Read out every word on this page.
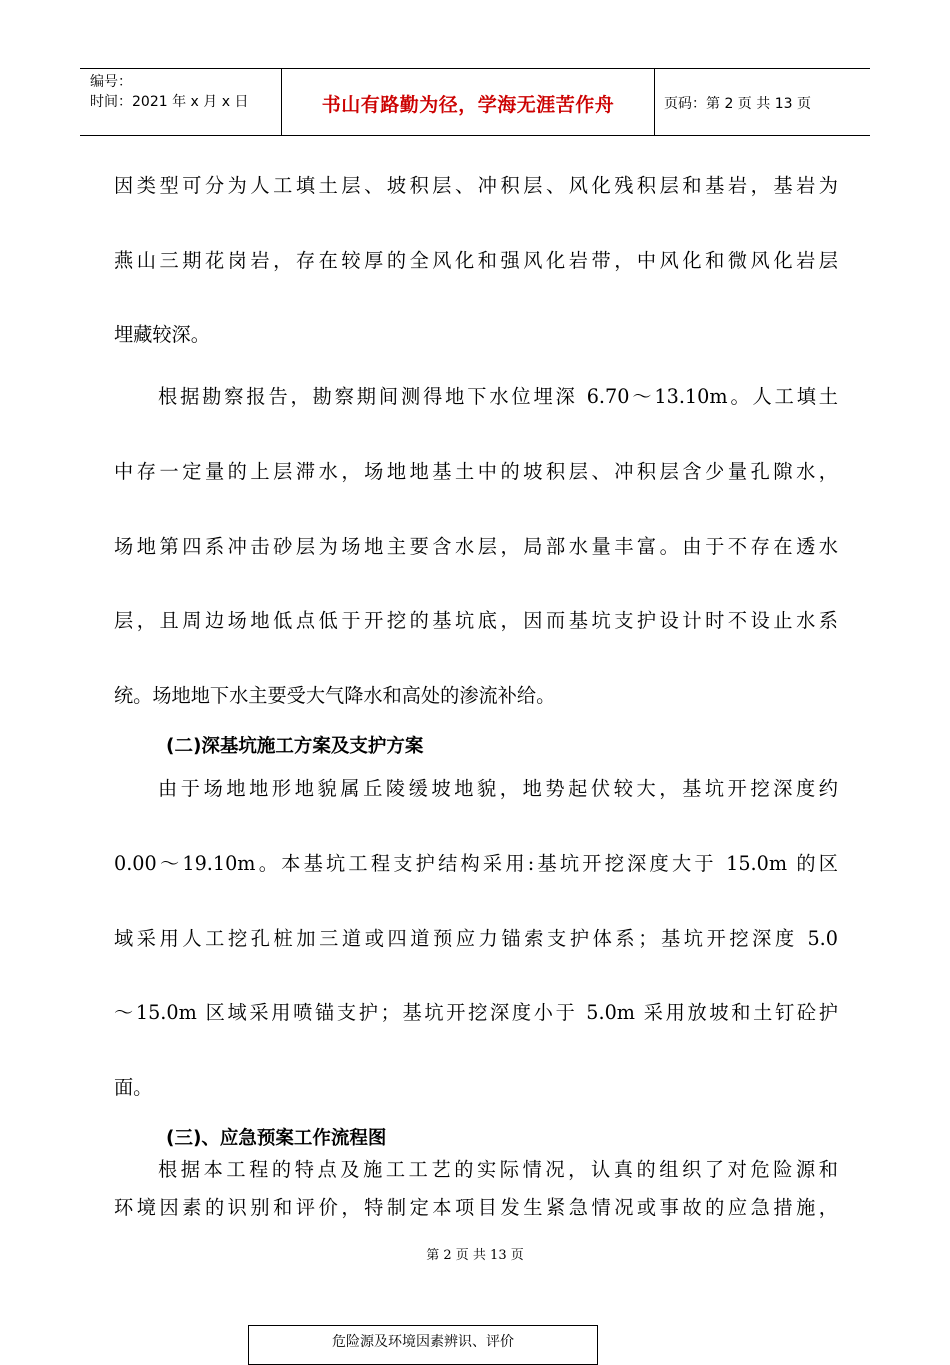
编号：
时间：2021 年 x 月 x 日	书山有路勤为径，学海无涯苦作舟	页码：第 2 页 共 13 页
因类型可分为人工填土层、坡积层、冲积层、风化残积层和基岩，基岩为
燕山三期花岗岩，存在较厚的全风化和强风化岩带，中风化和微风化岩层
埋藏较深。
根据勘察报告，勘察期间测得地下水位埋深 6.70～13.10m。人工填土
中存一定量的上层滞水，场地地基土中的坡积层、冲积层含少量孔隙水，
场地第四系冲击砂层为场地主要含水层，局部水量丰富。由于不存在透水
层，且周边场地低点低于开挖的基坑底，因而基坑支护设计时不设止水系
统。场地地下水主要受大气降水和高处的渗流补给。
(二)深基坑施工方案及支护方案
由于场地地形地貌属丘陵缓坡地貌，地势起伏较大，基坑开挖深度约
0.00～19.10m。本基坑工程支护结构采用:基坑开挖深度大于 15.0m 的区
域采用人工挖孔桩加三道或四道预应力锚索支护体系；基坑开挖深度 5.0
～15.0m 区域采用喷锚支护；基坑开挖深度小于 5.0m 采用放坡和土钉砼护
面。
(三)、应急预案工作流程图
根据本工程的特点及施工工艺的实际情况，认真的组织了对危险源和
环境因素的识别和评价，特制定本项目发生紧急情况或事故的应急措施，
第 2 页 共 13 页
危险源及环境因素辨识、评价
